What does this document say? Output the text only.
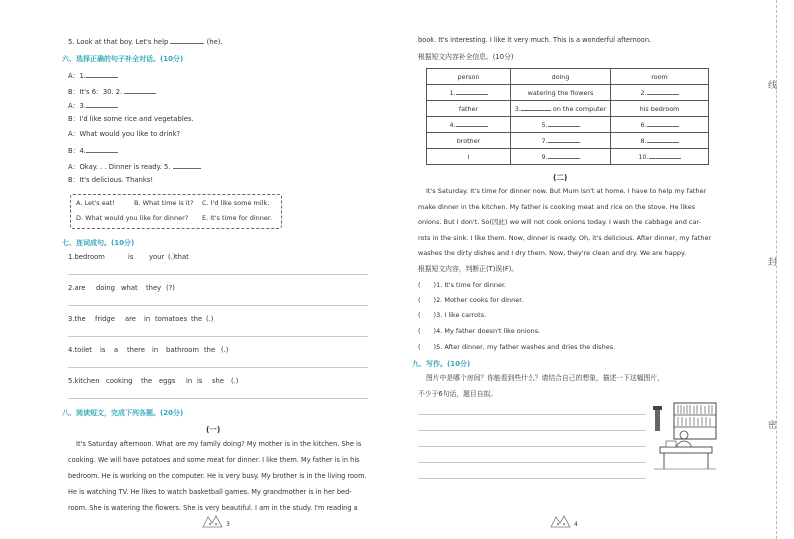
5. Look at that boy. Let's help	(he).
六、选择正确的句子补全对话。(10分)
A：1.
B：It's 6：30. 2.
A：3.
B：I'd like some rice and vegetables.
A：What would you like to drink?
B：4.
A：Okay. . . Dinner is ready. 5.
B：It's delicious. Thanks!
A. Let's eat!	B. What time is it? C. I'd like some milk.
D. What would you like for dinner? E. It's time for dinner.
七、连词成句。(10分)
1.bedroom	is your that
(.)
2.are doing what they (?)
3.the fridge are in tomatoes the (.)
4.toilet is a there in bathroom the (.)
5.kitchen cooking the eggs in is she (.)
八、阅读短文，完成下列各题。(20分)
(一)
It's Saturday afternoon. What are my family doing? My mother is in the kitchen. She is
cooking. We will have potatoes and some meat for dinner. I like them. My father is in his
bedroom. He is working on the computer. He is very busy. My brother is in the living room.
He is watching TV. He likes to watch basketball games. My grandmother is in her bed-
room. She is watering the flowers. She is very beautiful. I am in the study. I'm reading a
3
book. It's interesting. I like it very much. This is a wonderful afternoon.
根据短文内容补全信息。(10分)
person	doing	room
1.	watering the flowers	2.
father	3. on the computer	his bedroom
4.	5.	6.
brother	7.	8.
I	9.	10.
(二)
It's Saturday. It's time for dinner now. But Mum isn't at home. I have to help my father
make dinner in the kitchen. My father is cooking meat and rice on the stove. He likes
onions. But I don't. So(因此) we will not cook onions today. I wash the cabbage and car-
rots in the sink. I like them. Now, dinner is ready. Oh, it's delicious. After dinner, my father
washes the dirty dishes and I dry them. Now, they're clean and dry. We are happy.
根据短文内容，判断正(T)误(F)。
(　　)1. It's time for dinner.
(　　)2. Mother cooks for dinner.
(　　)3. I like carrots.
(　　)4. My father doesn't like onions.
(　　)5. After dinner, my father washes and dries the dishes.
九、写作。(10分)
图片中是哪个房间？你能看到些什么？请结合自己的想象，描述一下这幅图片，
不少于6句话，题目自拟。
4
线
封
密
